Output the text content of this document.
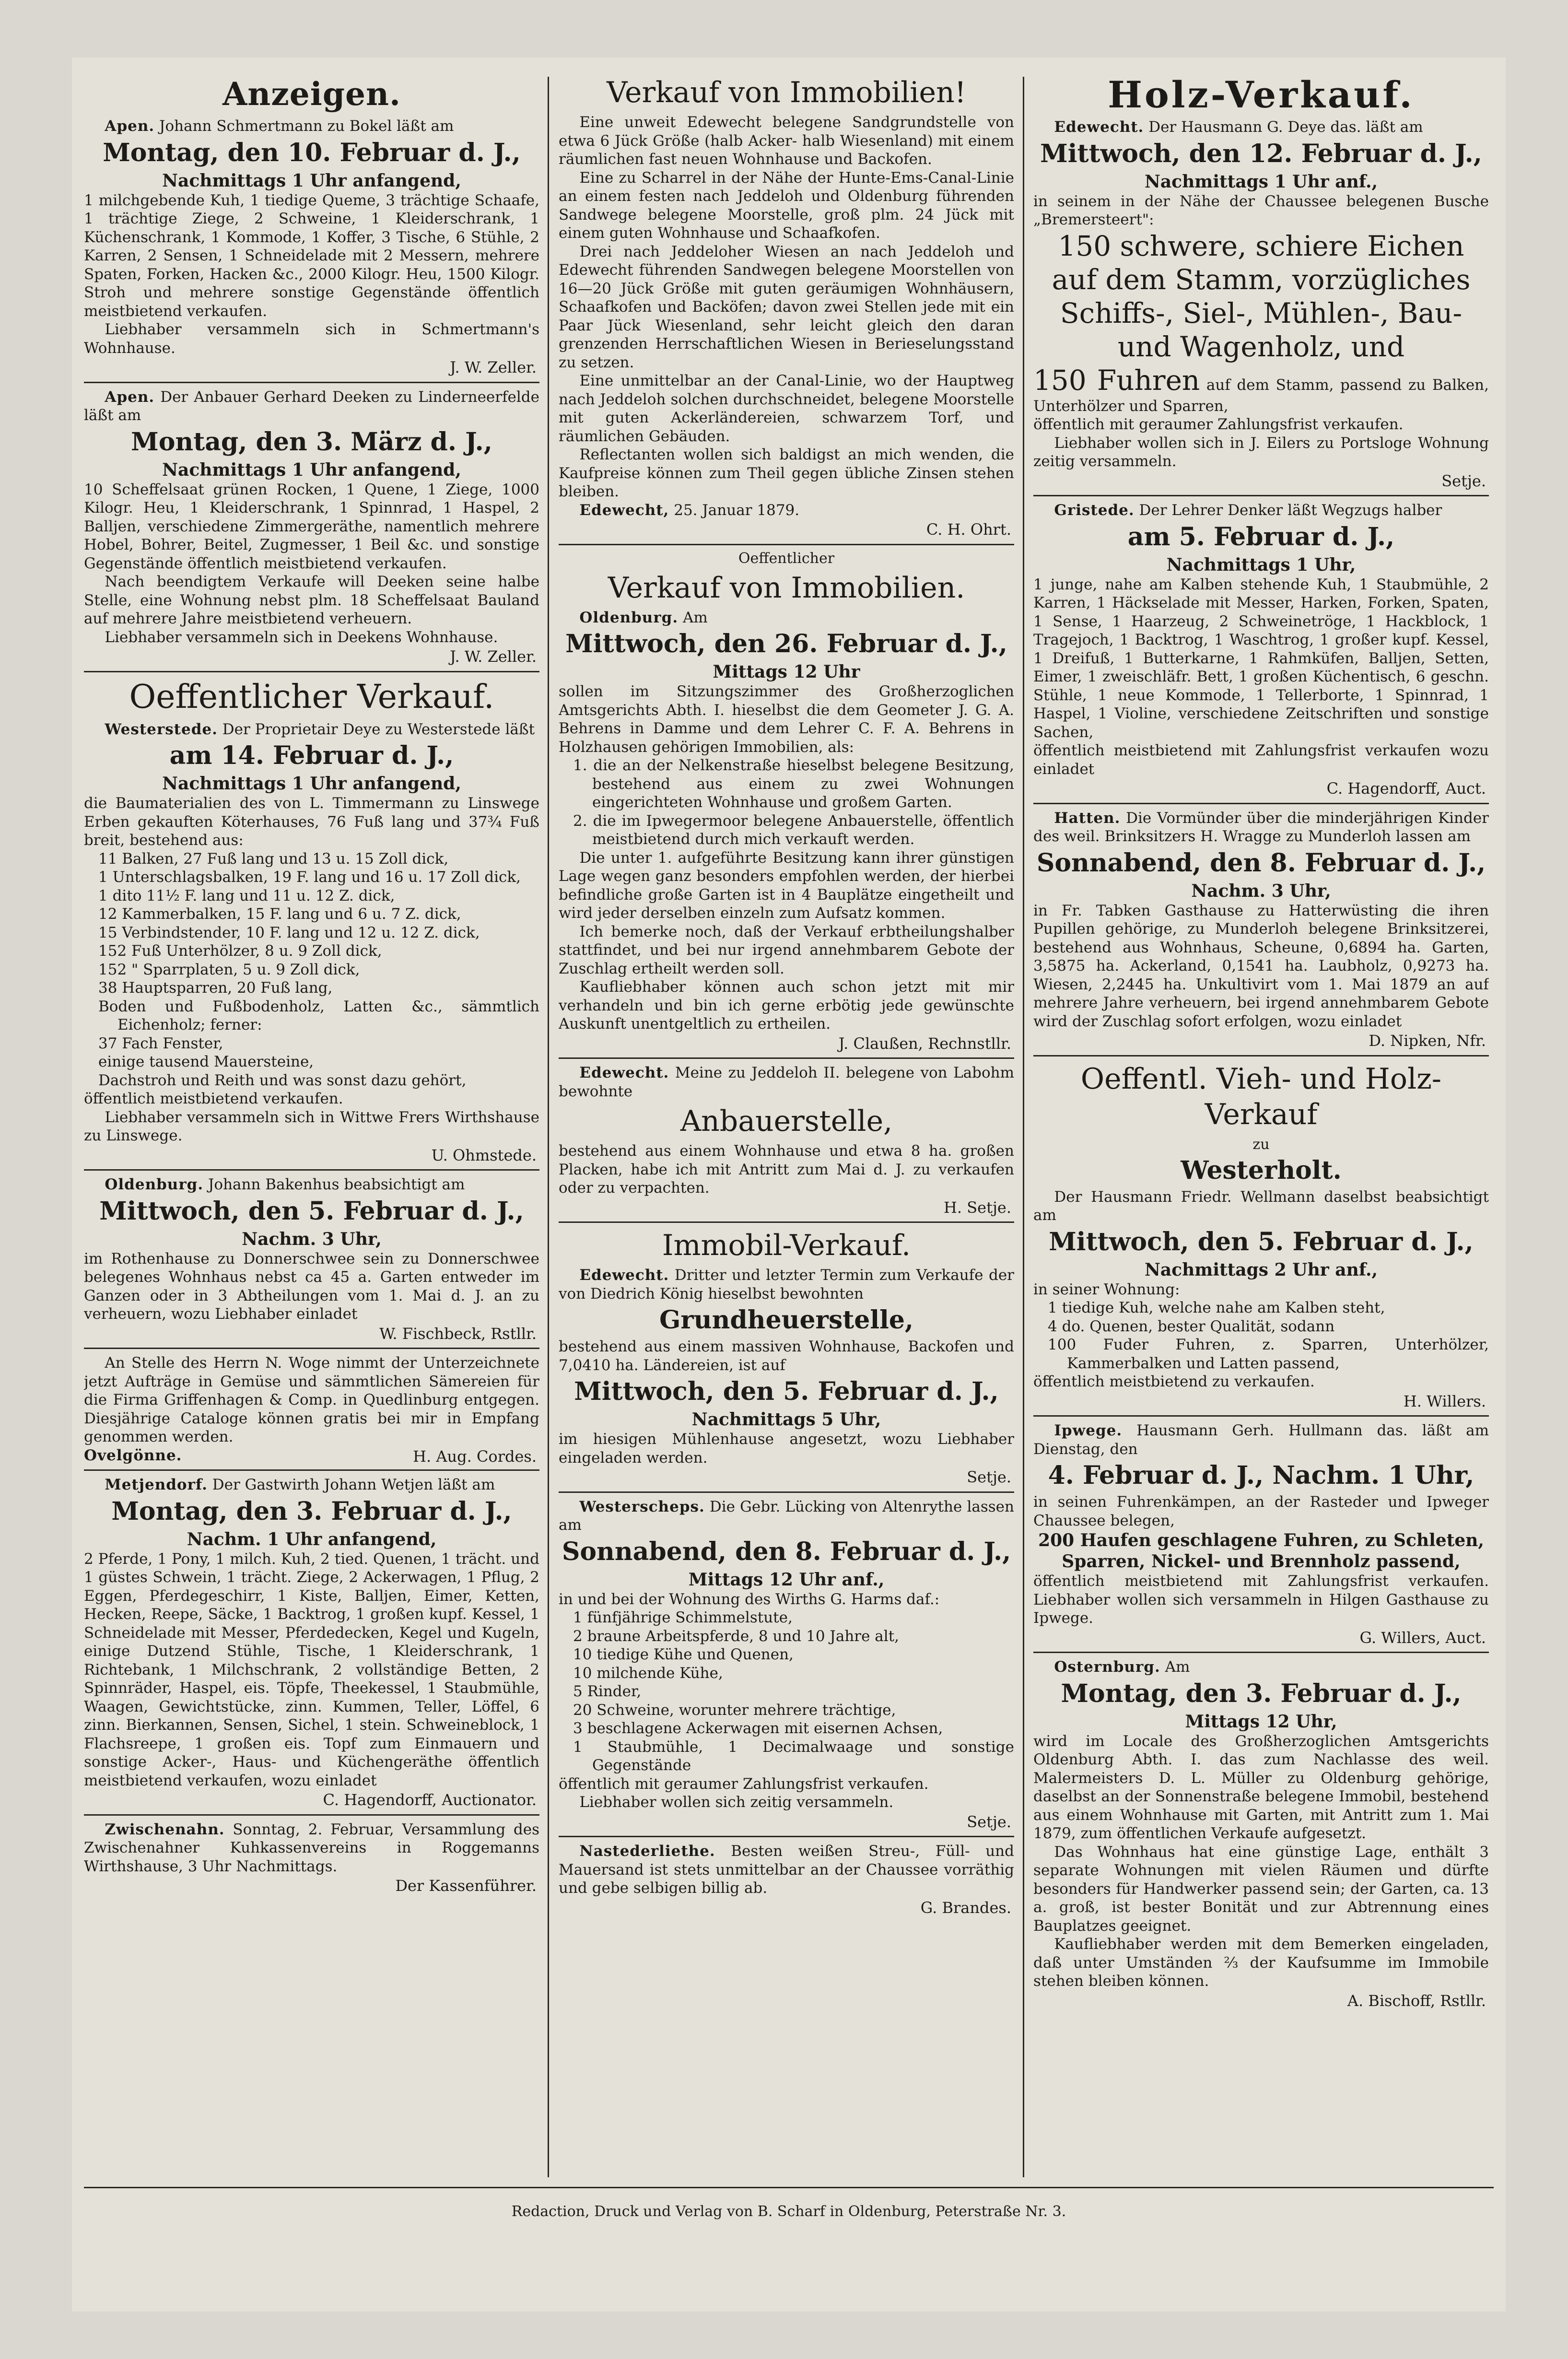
Anzeigen.

Apen. Johann Schmertmann zu Bokel läßt am

Montag, den 10. Februar d. J.,
Nachmittags 1 Uhr anfangend,

1 milchgebende Kuh, 1 tiedige Queme, 3 trächtige Schaafe, 1 trächtige Ziege, 2 Schweine, 1 Kleiderschrank, 1 Küchenschrank, 1 Kommode, 1 Koffer, 3 Tische, 6 Stühle, 2 Karren, 2 Sensen, 1 Schneidelade mit 2 Messern, mehrere Spaten, Forken, Hacken &c., 2000 Kilogr. Heu, 1500 Kilogr. Stroh und mehrere sonstige Gegenstände öffentlich meistbietend verkaufen.

Liebhaber versammeln sich in Schmertmann's Wohnhause.

J. W. Zeller.

Apen. Der Anbauer Gerhard Deeken zu Linderneerfelde läßt am

Montag, den 3. März d. J.,
Nachmittags 1 Uhr anfangend,

10 Scheffelsaat grünen Rocken, 1 Quene, 1 Ziege, 1000 Kilogr. Heu, 1 Kleiderschrank, 1 Spinnrad, 1 Haspel, 2 Balljen, verschiedene Zimmergeräthe, namentlich mehrere Hobel, Bohrer, Beitel, Zugmesser, 1 Beil &c. und sonstige Gegenstände öffentlich meistbietend verkaufen.

Nach beendigtem Verkaufe will Deeken seine halbe Stelle, eine Wohnung nebst plm. 18 Scheffelsaat Bauland auf mehrere Jahre meistbietend verheuern.

Liebhaber versammeln sich in Deekens Wohnhause.

J. W. Zeller.
Oeffentlicher Verkauf.

Westerstede. Der Proprietair Deye zu Westerstede läßt

am 14. Februar d. J.,
Nachmittags 1 Uhr anfangend,

die Baumaterialien des von L. Timmermann zu Linswege Erben gekauften Köterhauses, 76 Fuß lang und 37¾ Fuß breit, bestehend aus:

11 Balken, 27 Fuß lang und 13 u. 15 Zoll dick,

1 Unterschlagsbalken, 19 F. lang und 16 u. 17 Zoll dick,

1 dito 11½ F. lang und 11 u. 12 Z. dick,

12 Kammerbalken, 15 F. lang und 6 u. 7 Z. dick,

15 Verbindstender, 10 F. lang und 12 u. 12 Z. dick,

152 Fuß Unterhölzer, 8 u. 9 Zoll dick,

152 " Sparrplaten, 5 u. 9 Zoll dick,

38 Hauptsparren, 20 Fuß lang,

Boden und Fußbodenholz, Latten &c., sämmtlich Eichenholz; ferner:

37 Fach Fenster,

einige tausend Mauersteine,

Dachstroh und Reith und was sonst dazu gehört,

öffentlich meistbietend verkaufen.

Liebhaber versammeln sich in Wittwe Frers Wirthshause zu Linswege.

U. Ohmstede.

Oldenburg. Johann Bakenhus beabsichtigt am

Mittwoch, den 5. Februar d. J.,
Nachm. 3 Uhr,

im Rothenhause zu Donnerschwee sein zu Donnerschwee belegenes Wohnhaus nebst ca 45 a. Garten entweder im Ganzen oder in 3 Abtheilungen vom 1. Mai d. J. an zu verheuern, wozu Liebhaber einladet

W. Fischbeck, Rstllr.

An Stelle des Herrn N. Woge nimmt der Unterzeichnete jetzt Aufträge in Gemüse und sämmtlichen Sämereien für die Firma Griffenhagen & Comp. in Quedlinburg entgegen. Diesjährige Cataloge können gratis bei mir in Empfang genommen werden.

Ovelgönne.	H. Aug. Cordes.

Metjendorf. Der Gastwirth Johann Wetjen läßt am

Montag, den 3. Februar d. J.,
Nachm. 1 Uhr anfangend,

2 Pferde, 1 Pony, 1 milch. Kuh, 2 tied. Quenen, 1 trächt. und 1 güstes Schwein, 1 trächt. Ziege, 2 Ackerwagen, 1 Pflug, 2 Eggen, Pferdegeschirr, 1 Kiste, Balljen, Eimer, Ketten, Hecken, Reepe, Säcke, 1 Backtrog, 1 großen kupf. Kessel, 1 Schneidelade mit Messer, Pferdedecken, Kegel und Kugeln, einige Dutzend Stühle, Tische, 1 Kleiderschrank, 1 Richtebank, 1 Milchschrank, 2 vollständige Betten, 2 Spinnräder, Haspel, eis. Töpfe, Theekessel, 1 Staubmühle, Waagen, Gewichtstücke, zinn. Kummen, Teller, Löffel, 6 zinn. Bierkannen, Sensen, Sichel, 1 stein. Schweineblock, 1 Flachsreepe, 1 großen eis. Topf zum Einmauern und sonstige Acker-, Haus- und Küchengeräthe öffentlich meistbietend verkaufen, wozu einladet

C. Hagendorff, Auctionator.

Zwischenahn. Sonntag, 2. Februar, Versammlung des Zwischenahner Kuhkassenvereins in Roggemanns Wirthshause, 3 Uhr Nachmittags.

Der Kassenführer.
Verkauf von Immobilien!

Eine unweit Edewecht belegene Sandgrundstelle von etwa 6 Jück Größe (halb Acker- halb Wiesenland) mit einem räumlichen fast neuen Wohnhause und Backofen.

Eine zu Scharrel in der Nähe der Hunte-Ems-Canal-Linie an einem festen nach Jeddeloh und Oldenburg führenden Sandwege belegene Moorstelle, groß plm. 24 Jück mit einem guten Wohnhause und Schaafkofen.

Drei nach Jeddeloher Wiesen an nach Jeddeloh und Edewecht führenden Sandwegen belegene Moorstellen von 16—20 Jück Größe mit guten geräumigen Wohnhäusern, Schaafkofen und Backöfen; davon zwei Stellen jede mit ein Paar Jück Wiesenland, sehr leicht gleich den daran grenzenden Herrschaftlichen Wiesen in Berieselungsstand zu setzen.

Eine unmittelbar an der Canal-Linie, wo der Hauptweg nach Jeddeloh solchen durchschneidet, belegene Moorstelle mit guten Ackerländereien, schwarzem Torf, und räumlichen Gebäuden.

Reflectanten wollen sich baldigst an mich wenden, die Kaufpreise können zum Theil gegen übliche Zinsen stehen bleiben.

Edewecht, 25. Januar 1879.

C. H. Ohrt.
Oeffentlicher
Verkauf von Immobilien.

Oldenburg. Am

Mittwoch, den 26. Februar d. J.,
Mittags 12 Uhr

sollen im Sitzungszimmer des Großherzoglichen Amtsgerichts Abth. I. hieselbst die dem Geometer J. G. A. Behrens in Damme und dem Lehrer C. F. A. Behrens in Holzhausen gehörigen Immobilien, als:

1. die an der Nelkenstraße hieselbst belegene Besitzung, bestehend aus einem zu zwei Wohnungen eingerichteten Wohnhause und großem Garten.

2. die im Ipwegermoor belegene Anbauerstelle, öffentlich meistbietend durch mich verkauft werden.

Die unter 1. aufgeführte Besitzung kann ihrer günstigen Lage wegen ganz besonders empfohlen werden, der hierbei befindliche große Garten ist in 4 Bauplätze eingetheilt und wird jeder derselben einzeln zum Aufsatz kommen.

Ich bemerke noch, daß der Verkauf erbtheilungshalber stattfindet, und bei nur irgend annehmbarem Gebote der Zuschlag ertheilt werden soll.

Kaufliebhaber können auch schon jetzt mit mir verhandeln und bin ich gerne erbötig jede gewünschte Auskunft unentgeltlich zu ertheilen.

J. Claußen, Rechnstllr.

Edewecht. Meine zu Jeddeloh II. belegene von Labohm bewohnte

Anbauerstelle,

bestehend aus einem Wohnhause und etwa 8 ha. großen Placken, habe ich mit Antritt zum Mai d. J. zu verkaufen oder zu verpachten.

H. Setje.
Immobil-Verkauf.

Edewecht. Dritter und letzter Termin zum Verkaufe der von Diedrich König hieselbst bewohnten

Grundheuerstelle,

bestehend aus einem massiven Wohnhause, Backofen und 7,0410 ha. Ländereien, ist auf

Mittwoch, den 5. Februar d. J.,
Nachmittags 5 Uhr,

im hiesigen Mühlenhause angesetzt, wozu Liebhaber eingeladen werden.

Setje.

Westerscheps. Die Gebr. Lücking von Altenrythe lassen am

Sonnabend, den 8. Februar d. J.,
Mittags 12 Uhr anf.,

in und bei der Wohnung des Wirths G. Harms daf.:

1 fünfjährige Schimmelstute,

2 braune Arbeitspferde, 8 und 10 Jahre alt,

10 tiedige Kühe und Quenen,

10 milchende Kühe,

5 Rinder,

20 Schweine, worunter mehrere trächtige,

3 beschlagene Ackerwagen mit eisernen Achsen,

1 Staubmühle, 1 Decimalwaage und sonstige Gegenstände

öffentlich mit geraumer Zahlungsfrist verkaufen.

Liebhaber wollen sich zeitig versammeln.

Setje.

Nastederliethe. Besten weißen Streu-, Füll- und Mauersand ist stets unmittelbar an der Chaussee vorräthig und gebe selbigen billig ab.

G. Brandes.
Holz-Verkauf.

Edewecht. Der Hausmann G. Deye das. läßt am

Mittwoch, den 12. Februar d. J.,
Nachmittags 1 Uhr anf.,

in seinem in der Nähe der Chaussee belegenen Busche „Bremersteert":

150 schwere, schiere Eichen auf dem Stamm, vorzügliches Schiffs-, Siel-, Mühlen-, Bau- und Wagenholz, und

150 Fuhren auf dem Stamm, passend zu Balken, Unterhölzer und Sparren,

öffentlich mit geraumer Zahlungsfrist verkaufen.

Liebhaber wollen sich in J. Eilers zu Portsloge Wohnung zeitig versammeln.

Setje.

Gristede. Der Lehrer Denker läßt Wegzugs halber

am 5. Februar d. J.,
Nachmittags 1 Uhr,

1 junge, nahe am Kalben stehende Kuh, 1 Staubmühle, 2 Karren, 1 Häckselade mit Messer, Harken, Forken, Spaten, 1 Sense, 1 Haarzeug, 2 Schweinetröge, 1 Hackblock, 1 Tragejoch, 1 Backtrog, 1 Waschtrog, 1 großer kupf. Kessel, 1 Dreifuß, 1 Butterkarne, 1 Rahmküfen, Balljen, Setten, Eimer, 1 zweischläfr. Bett, 1 großen Küchentisch, 6 geschn. Stühle, 1 neue Kommode, 1 Tellerborte, 1 Spinnrad, 1 Haspel, 1 Violine, verschiedene Zeitschriften und sonstige Sachen,

öffentlich meistbietend mit Zahlungsfrist verkaufen wozu einladet

C. Hagendorff, Auct.

Hatten. Die Vormünder über die minderjährigen Kinder des weil. Brinksitzers H. Wragge zu Munderloh lassen am

Sonnabend, den 8. Februar d. J.,
Nachm. 3 Uhr,

in Fr. Tabken Gasthause zu Hatterwüsting die ihren Pupillen gehörige, zu Munderloh belegene Brinksitzerei, bestehend aus Wohnhaus, Scheune, 0,6894 ha. Garten, 3,5875 ha. Ackerland, 0,1541 ha. Laubholz, 0,9273 ha. Wiesen, 2,2445 ha. Unkultivirt vom 1. Mai 1879 an auf mehrere Jahre verheuern, bei irgend annehmbarem Gebote wird der Zuschlag sofort erfolgen, wozu einladet

D. Nipken, Nfr.
Oeffentl. Vieh- und Holz-Verkauf
zu
Westerholt.

Der Hausmann Friedr. Wellmann daselbst beabsichtigt am

Mittwoch, den 5. Februar d. J.,
Nachmittags 2 Uhr anf.,

in seiner Wohnung:

1 tiedige Kuh, welche nahe am Kalben steht,

4 do. Quenen, bester Qualität, sodann

100 Fuder Fuhren, z. Sparren, Unterhölzer, Kammerbalken und Latten passend,

öffentlich meistbietend zu verkaufen.

H. Willers.

Ipwege. Hausmann Gerh. Hullmann das. läßt am Dienstag, den

4. Februar d. J., Nachm. 1 Uhr,

in seinen Fuhrenkämpen, an der Rasteder und Ipweger Chaussee belegen,

200 Haufen geschlagene Fuhren, zu Schleten, Sparren, Nickel- und Brennholz passend,

öffentlich meistbietend mit Zahlungsfrist verkaufen. Liebhaber wollen sich versammeln in Hilgen Gasthause zu Ipwege.

G. Willers, Auct.

Osternburg. Am

Montag, den 3. Februar d. J.,
Mittags 12 Uhr,

wird im Locale des Großherzoglichen Amtsgerichts Oldenburg Abth. I. das zum Nachlasse des weil. Malermeisters D. L. Müller zu Oldenburg gehörige, daselbst an der Sonnenstraße belegene Immobil, bestehend aus einem Wohnhause mit Garten, mit Antritt zum 1. Mai 1879, zum öffentlichen Verkaufe aufgesetzt.

Das Wohnhaus hat eine günstige Lage, enthält 3 separate Wohnungen mit vielen Räumen und dürfte besonders für Handwerker passend sein; der Garten, ca. 13 a. groß, ist bester Bonität und zur Abtrennung eines Bauplatzes geeignet.

Kaufliebhaber werden mit dem Bemerken eingeladen, daß unter Umständen ⅔ der Kaufsumme im Immobile stehen bleiben können.

A. Bischoff, Rstllr.
Redaction, Druck und Verlag von B. Scharf in Oldenburg, Peterstraße Nr. 3.
